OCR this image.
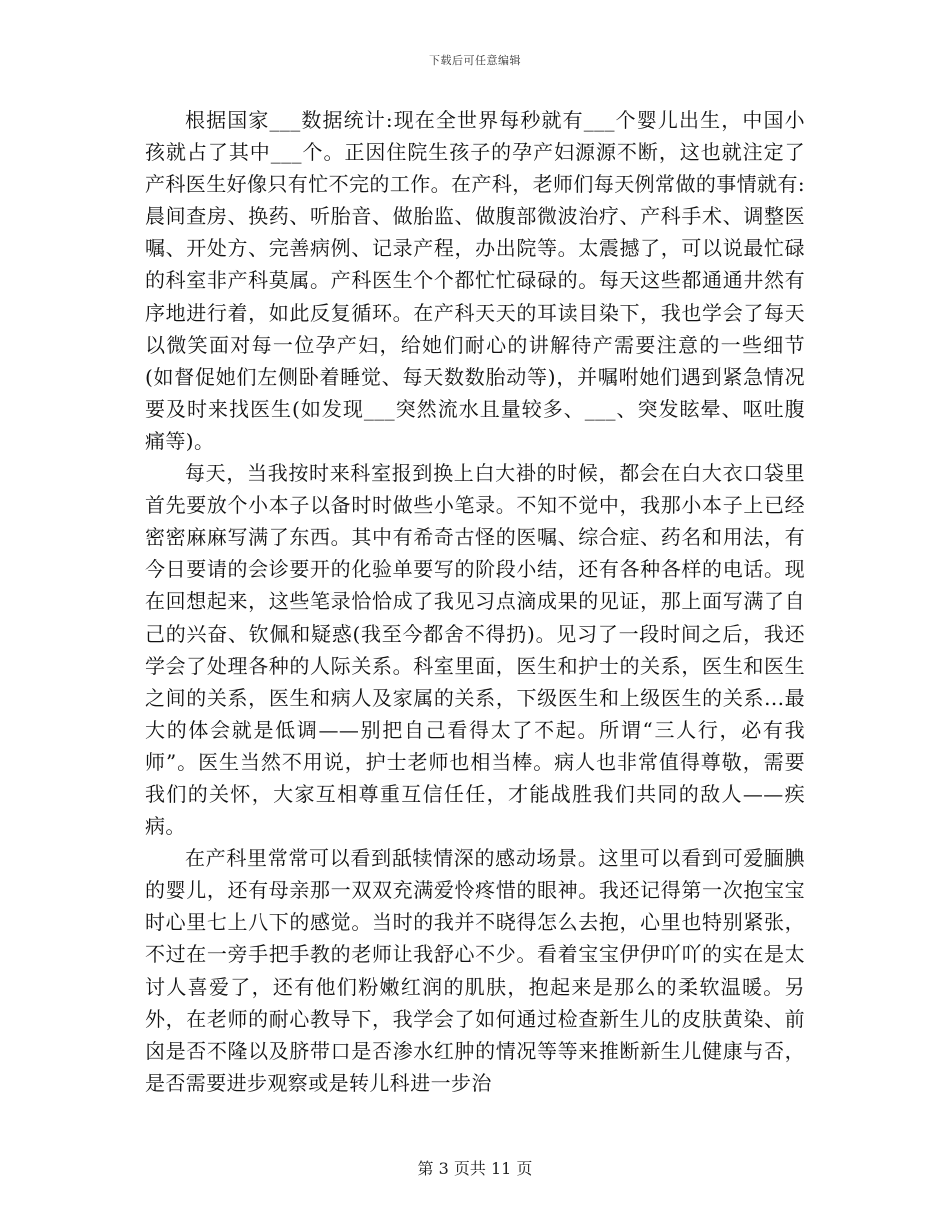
下载后可任意编辑

根据国家___数据统计:现在全世界每秒就有___个婴儿出生，中国小孩就占了其中___个。正因住院生孩子的孕产妇源源不断，这也就注定了产科医生好像只有忙不完的工作。在产科，老师们每天例常做的事情就有:晨间查房、换药、听胎音、做胎监、做腹部微波治疗、产科手术、调整医嘱、开处方、完善病例、记录产程，办出院等。太震撼了，可以说最忙碌的科室非产科莫属。产科医生个个都忙忙碌碌的。每天这些都通通井然有序地进行着，如此反复循环。在产科天天的耳读目染下，我也学会了每天以微笑面对每一位孕产妇，给她们耐心的讲解待产需要注意的一些细节(如督促她们左侧卧着睡觉、每天数数胎动等)，并嘱咐她们遇到紧急情况要及时来找医生(如发现___突然流水且量较多、___、突发眩晕、呕吐腹痛等)。

每天，当我按时来科室报到换上白大褂的时候，都会在白大衣口袋里首先要放个小本子以备时时做些小笔录。不知不觉中，我那小本子上已经密密麻麻写满了东西。其中有希奇古怪的医嘱、综合症、药名和用法，有今日要请的会诊要开的化验单要写的阶段小结，还有各种各样的电话。现在回想起来，这些笔录恰恰成了我见习点滴成果的见证，那上面写满了自己的兴奋、钦佩和疑惑(我至今都舍不得扔)。见习了一段时间之后，我还学会了处理各种的人际关系。科室里面，医生和护士的关系，医生和医生之间的关系，医生和病人及家属的关系，下级医生和上级医生的关系...最大的体会就是低调——别把自己看得太了不起。所谓“三人行，必有我师”。医生当然不用说，护士老师也相当棒。病人也非常值得尊敬，需要我们的关怀，大家互相尊重互信任任，才能战胜我们共同的敌人——疾病。

在产科里常常可以看到舐犊情深的感动场景。这里可以看到可爱腼腆的婴儿，还有母亲那一双双充满爱怜疼惜的眼神。我还记得第一次抱宝宝时心里七上八下的感觉。当时的我并不晓得怎么去抱，心里也特别紧张，不过在一旁手把手教的老师让我舒心不少。看着宝宝伊伊吖吖的实在是太讨人喜爱了，还有他们粉嫩红润的肌肤，抱起来是那么的柔软温暖。另外，在老师的耐心教导下，我学会了如何通过检查新生儿的皮肤黄染、前囟是否不隆以及脐带口是否渗水红肿的情况等等来推断新生儿健康与否，是否需要进步观察或是转儿科进一步治

第 3 页共 11 页
